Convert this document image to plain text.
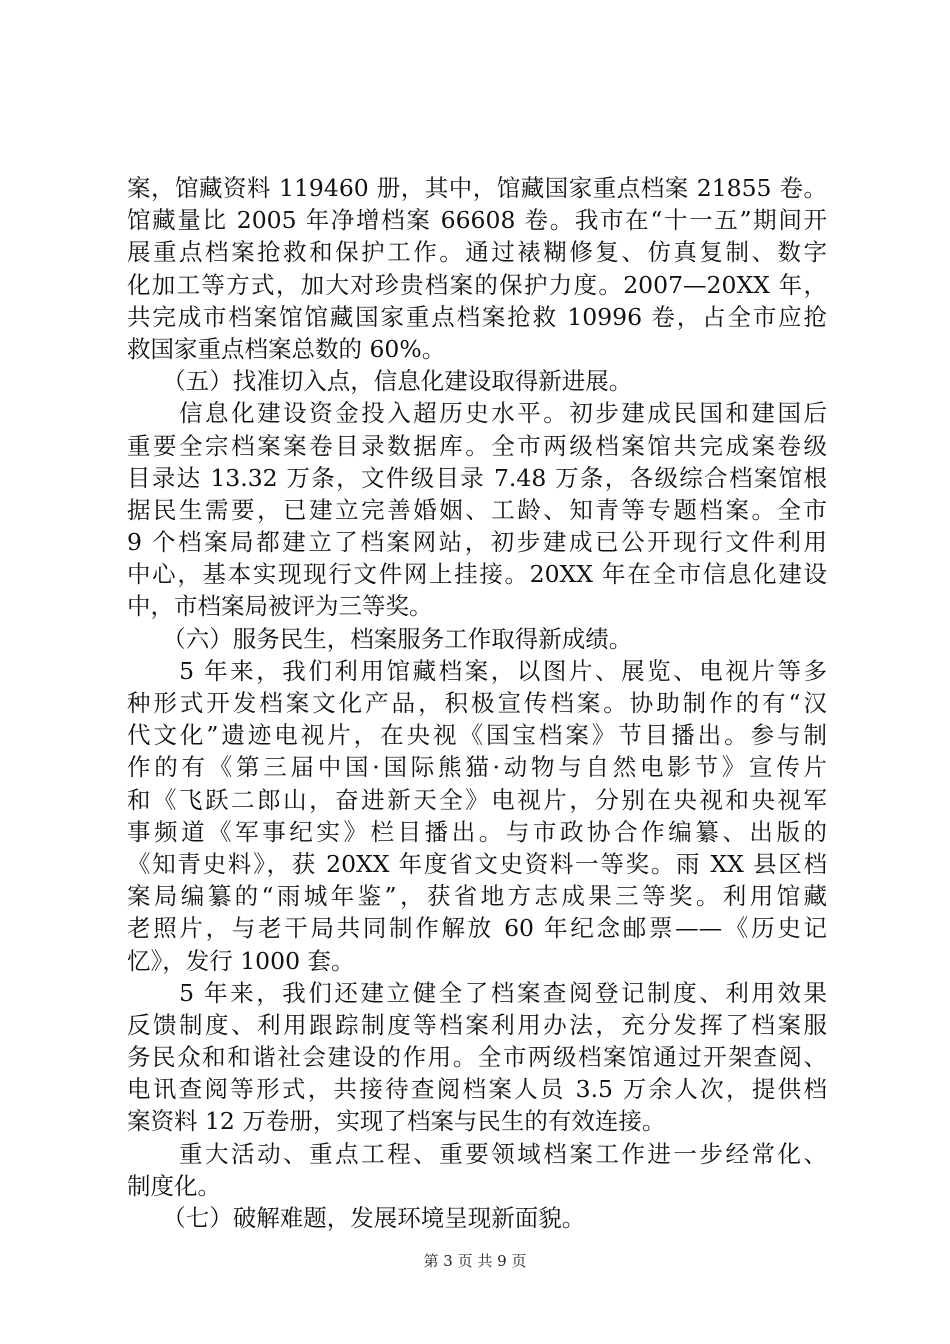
案，馆藏资料 119460 册，其中，馆藏国家重点档案 21855 卷。
馆藏量比 2005 年净增档案 66608 卷。我市在“十一五”期间开
展重点档案抢救和保护工作。通过裱糊修复、仿真复制、数字
化加工等方式，加大对珍贵档案的保护力度。2007—20XX 年，
共完成市档案馆馆藏国家重点档案抢救 10996 卷，占全市应抢
救国家重点档案总数的 60%。
　　（五）找准切入点，信息化建设取得新进展。
　　信息化建设资金投入超历史水平。初步建成民国和建国后
重要全宗档案案卷目录数据库。全市两级档案馆共完成案卷级
目录达 13.32 万条，文件级目录 7.48 万条，各级综合档案馆根
据民生需要，已建立完善婚姻、工龄、知青等专题档案。全市
9 个档案局都建立了档案网站，初步建成已公开现行文件利用
中心，基本实现现行文件网上挂接。20XX 年在全市信息化建设
中，市档案局被评为三等奖。
　　（六）服务民生，档案服务工作取得新成绩。
　　5 年来，我们利用馆藏档案，以图片、展览、电视片等多
种形式开发档案文化产品，积极宣传档案。协助制作的有“汉
代文化”遗迹电视片，在央视《国宝档案》节目播出。参与制
作的有《第三届中国·国际熊猫·动物与自然电影节》宣传片
和《飞跃二郎山，奋进新天全》电视片，分别在央视和央视军
事频道《军事纪实》栏目播出。与市政协合作编纂、出版的
《知青史料》，获 20XX 年度省文史资料一等奖。雨 XX 县区档
案局编纂的“雨城年鉴”，获省地方志成果三等奖。利用馆藏
老照片，与老干局共同制作解放 60 年纪念邮票——《历史记
忆》，发行 1000 套。
　　5 年来，我们还建立健全了档案查阅登记制度、利用效果
反馈制度、利用跟踪制度等档案利用办法，充分发挥了档案服
务民众和和谐社会建设的作用。全市两级档案馆通过开架查阅、
电讯查阅等形式，共接待查阅档案人员 3.5 万余人次，提供档
案资料 12 万卷册，实现了档案与民生的有效连接。
　　重大活动、重点工程、重要领域档案工作进一步经常化、
制度化。
　　（七）破解难题，发展环境呈现新面貌。
第 3 页 共 9 页
